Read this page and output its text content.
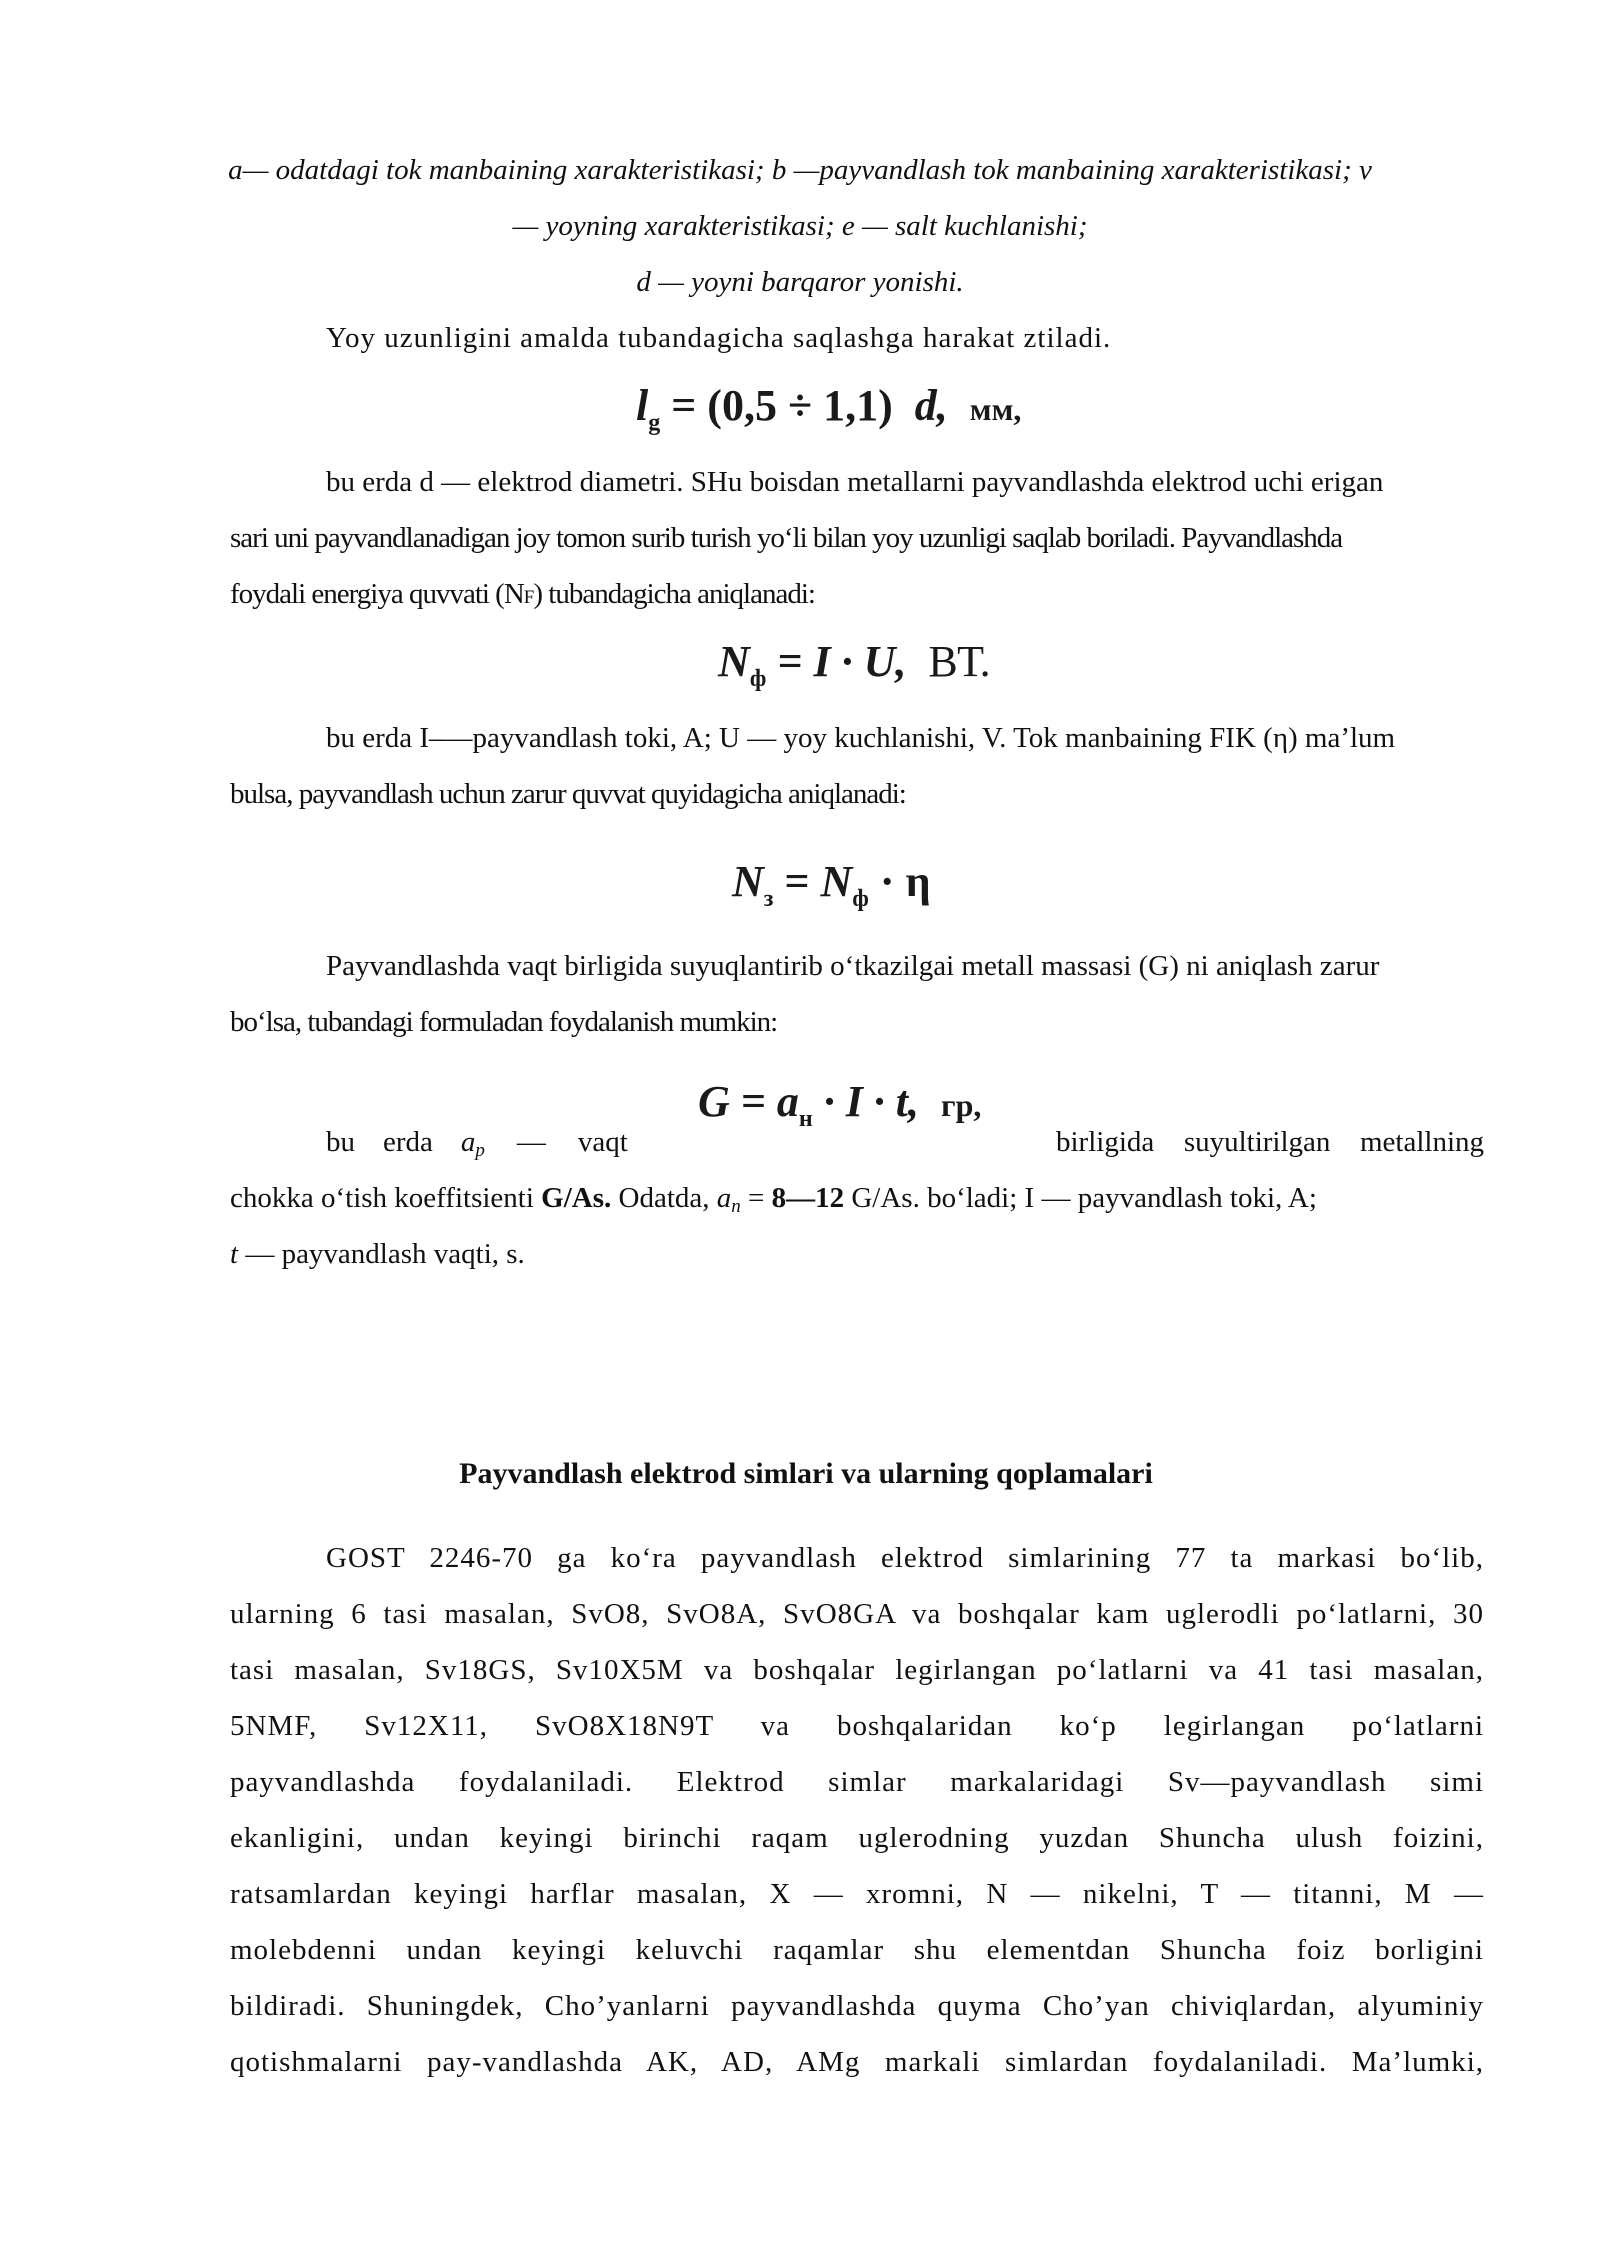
a— odatdagi tok manbaining xarakteristikasi; b —payvandlash tok manbaining xarakteristikasi; v
— yoyning xarakteristikasi; e — salt kuchlanishi;
d — yoyni barqaror yonishi.
Yoy uzunligini amalda tubandagicha saqlashga harakat ztiladi.
$l_g = (0,5 \div 1,1)$ d, мм,
bu erda d — elektrod diametri. SHu boisdan metallarni payvandlashda elektrod uchi erigan
sari uni payvandlanadigan joy tomon surib turish yo‘li bilan yoy uzunligi saqlab boriladi. Payvandlashda
foydali energiya quvvati (NF) tubandagicha aniqlanadi:
$N_ф = I \cdot U$, ВТ.
bu erda I–—payvandlash toki, A; U — yoy kuchlanishi, V. Tok manbaining FIK (η) ma’lum
bulsa, payvandlash uchun zarur quvvat quyidagicha aniqlanadi:
$N_з = N_ф \cdot \eta$
Payvandlashda vaqt birligida suyuqlantirib o‘tkazilgai metall massasi (G) ni aniqlash zarur
bo‘lsa, tubandagi formuladan foydalanish mumkin:
$G = a_н \cdot I \cdot t$, гр,
bu erda ap — vaqt	birligida suyultirilgan metallning
chokka o‘tish koeffitsienti G/As. Odatda, an = 8—12 G/As. bo‘ladi; I — payvandlash toki, A;
t — payvandlash vaqti, s.
Payvandlash elektrod simlari va ularning qoplamalari
GOST 2246-70 ga ko‘ra payvandlash elektrod simlarining 77 ta markasi bo‘lib,
ularning 6 tasi masalan, SvO8, SvO8A, SvO8GA va boshqalar kam uglerodli po‘latlarni, 30
tasi masalan, Sv18GS, Sv10X5M va boshqalar legirlangan po‘latlarni va 41 tasi masalan,
5NMF, Sv12X11, SvO8X18N9T va boshqalaridan ko‘p legirlangan po‘latlarni
payvandlashda foydalaniladi. Elektrod simlar markalaridagi Sv—payvandlash simi
ekanligini, undan keyingi birinchi raqam uglerodning yuzdan Shuncha ulush foizini,
ratsamlardan keyingi harflar masalan, X — xromni, N — nikelni, T — titanni, M —
molebdenni undan keyingi keluvchi raqamlar shu elementdan Shuncha foiz borligini
bildiradi. Shuningdek, Cho’yanlarni payvandlashda quyma Cho’yan chiviqlardan, alyuminiy
qotishmalarni pay-vandlashda AK, AD, AMg markali simlardan foydalaniladi. Ma’lumki,
